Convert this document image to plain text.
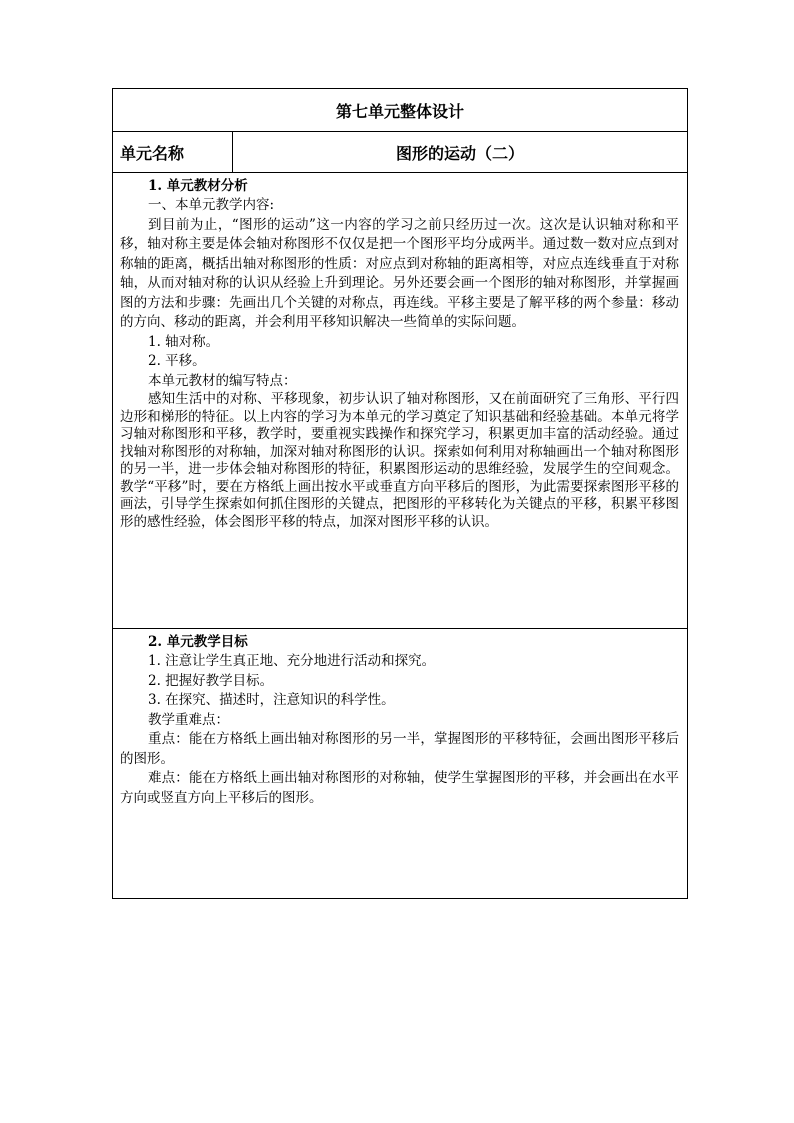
第七单元整体设计
单元名称	图形的运动（二）

1. 单元教材分析

一、本单元教学内容:

到目前为止，“图形的运动”这一内容的学习之前只经历过一次。这次是认识轴对称和平移，轴对称主要是体会轴对称图形不仅仅是把一个图形平均分成两半。通过数一数对应点到对称轴的距离，概括出轴对称图形的性质：对应点到对称轴的距离相等，对应点连线垂直于对称轴，从而对轴对称的认识从经验上升到理论。另外还要会画一个图形的轴对称图形，并掌握画图的方法和步骤：先画出几个关键的对称点，再连线。平移主要是了解平移的两个参量：移动的方向、移动的距离，并会利用平移知识解决一些简单的实际问题。

1. 轴对称。

2. 平移。

本单元教材的编写特点：

感知生活中的对称、平移现象，初步认识了轴对称图形，又在前面研究了三角形、平行四边形和梯形的特征。以上内容的学习为本单元的学习奠定了知识基础和经验基础。本单元将学习轴对称图形和平移，教学时，要重视实践操作和探究学习，积累更加丰富的活动经验。通过找轴对称图形的对称轴，加深对轴对称图形的认识。探索如何利用对称轴画出一个轴对称图形的另一半，进一步体会轴对称图形的特征，积累图形运动的思维经验，发展学生的空间观念。教学“平移”时，要在方格纸上画出按水平或垂直方向平移后的图形，为此需要探索图形平移的画法，引导学生探索如何抓住图形的关键点，把图形的平移转化为关键点的平移，积累平移图形的感性经验，体会图形平移的特点，加深对图形平移的认识。

2. 单元教学目标

1. 注意让学生真正地、充分地进行活动和探究。

2. 把握好教学目标。

3. 在探究、描述时，注意知识的科学性。

教学重难点：

重点：能在方格纸上画出轴对称图形的另一半，掌握图形的平移特征，会画出图形平移后的图形。

难点：能在方格纸上画出轴对称图形的对称轴，使学生掌握图形的平移，并会画出在水平方向或竖直方向上平移后的图形。
